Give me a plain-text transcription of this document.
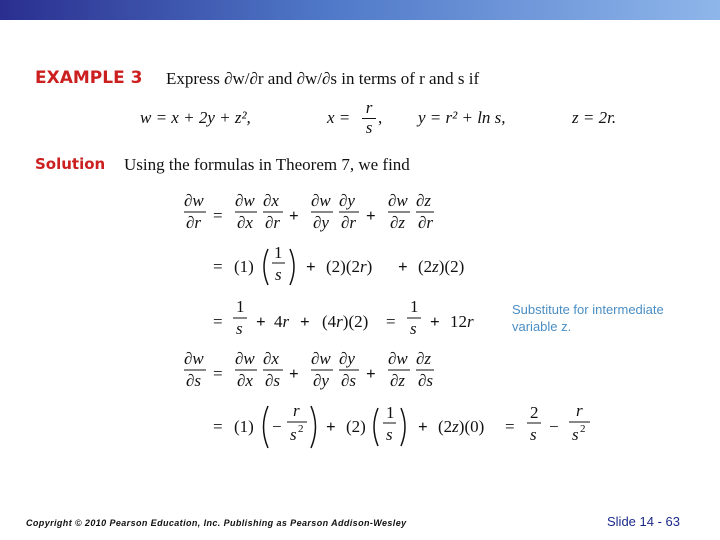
EXAMPLE 3 Express ∂w/∂r and ∂w/∂s in terms of r and s if
w = x + 2y + z²,	x =
r
s
, y = r² + ln s,	z = 2r.
Solution Using the formulas in Theorem 7, we find
∂w
∂r =
∂w
∂x
∂x
∂r +
∂w
∂y
∂y
∂r +
∂w
∂z
∂z
∂r
= (1)
1
s + (2)(2r) + (2z)(2)
=
1
s + 4r + (4r)(2) =
1
s + 12r
∂w
∂s =
∂w
∂x
∂x
∂s +
∂w
∂y
∂y
∂s +
∂w
∂z
∂z
∂s
= (1) −
r
s 2 + (2)
1
s + (2z)(0) =
2
s −
r
s 2
Substitute for intermediate
variable z.
Copyright © 2010 Pearson Education, Inc. Publishing as Pearson Addison-Wesley	Slide 14 - 63
